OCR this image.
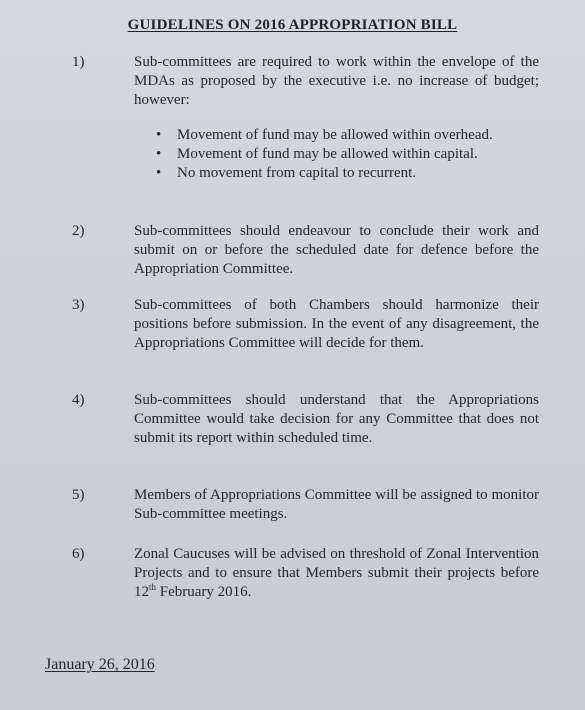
GUIDELINES ON 2016 APPROPRIATION BILL
1)	Sub-committees are required to work within the envelope of the MDAs as proposed by the executive i.e. no increase of budget; however:
• Movement of fund may be allowed within overhead.
• Movement of fund may be allowed within capital.
• No movement from capital to recurrent.
2)	Sub-committees should endeavour to conclude their work and submit on or before the scheduled date for defence before the Appropriation Committee.
3)	Sub-committees of both Chambers should harmonize their positions before submission. In the event of any disagreement, the Appropriations Committee will decide for them.
4)	Sub-committees should understand that the Appropriations Committee would take decision for any Committee that does not submit its report within scheduled time.
5)	Members of Appropriations Committee will be assigned to monitor Sub-committee meetings.
6)	Zonal Caucuses will be advised on threshold of Zonal Intervention Projects and to ensure that Members submit their projects before 12th February 2016.
January 26, 2016
